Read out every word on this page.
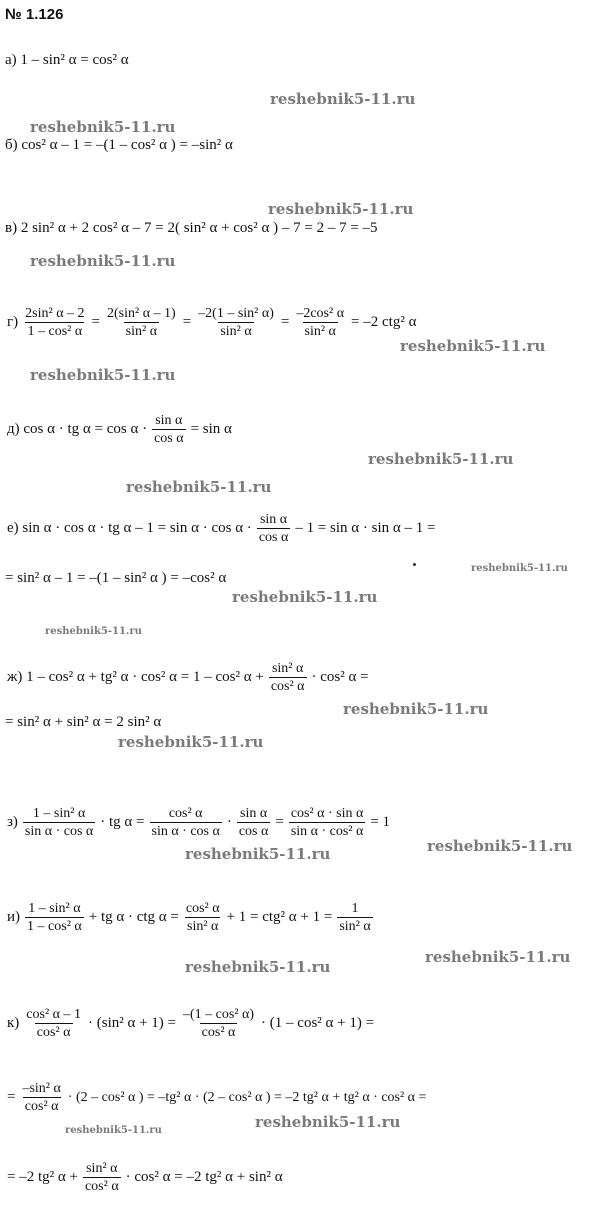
№ 1.126
а) 1 – sin² α = cos² α
б) cos² α – 1 = –(1 – cos² α ) = –sin² α
в) 2 sin² α + 2 cos² α – 7 = 2( sin² α + cos² α ) – 7 = 2 – 7 = –5
$г) \frac{\text{2sin² α – 2}}{\text{1 – cos² α}} = \frac{\text{2(sin² α – 1)}}{\text{sin² α}} = \frac{\text{–2(1 – sin² α)}}{\text{sin² α}} = \frac{\text{–2cos² α}}{\text{sin² α}} = -2$ ctg² α
д) cos α · tg $\alpha = \cos \alpha \cdot \frac{\text{sin α}}{\text{cos α}} = \sin \alpha$
е) sin α · cos α · tg $\alpha - 1 = \sin \alpha \cdot \cos \alpha \cdot \frac{\text{sin α}}{\text{cos α}} - 1 = \sin \alpha \cdot \sin \alpha - 1$ =
= sin² α – 1 = –(1 – sin² α ) = –cos² α
ж) 1 – cos² α + tg² α · cos² α = 1 – cos² $\alpha + \frac{\text{sin² α}}{\text{cos² α}} \cdot \cos^2$ α =
= sin² α + sin² α = 2 sin² α
$з) \frac{\text{1 – sin² α}}{\text{sin α · cos α}}$ · tg $\alpha = \frac{\text{cos² α}}{\text{sin α · cos α}} \cdot \frac{\text{sin α}}{\text{cos α}} = \frac{\text{cos² α · sin α}}{\text{sin α · cos² α}} = 1$
$и) \frac{\text{1 – sin² α}}{\text{1 – cos² α}}$ + tg α · ctg $\alpha = \frac{\text{cos² α}}{\text{sin² α}} + 1 = ctg^2$ $\alpha + 1 = \frac{1}{\text{sin² α}}$
$к) \frac{\text{cos² α – 1}}{\text{cos² α}} \cdot (\sin^2$ $\alpha + 1) = \frac{\text{–(1 – cos² α)}}{\text{cos² α}} \cdot (1 - \cos^2$ α + 1) =
= $\frac{\text{–sin² α}}{\text{cos² α}} \cdot (2 - \cos^2$ α ) = –tg² α · (2 – cos² α ) = –2 tg² α + tg² α · cos² α =
= –2 tg² $\alpha + \frac{\text{sin² α}}{\text{cos² α}} \cdot \cos^2$ α = –2 tg² α + sin² α
reshebnik5-11.ru
reshebnik5-11.ru
reshebnik5-11.ru
reshebnik5-11.ru
reshebnik5-11.ru
reshebnik5-11.ru
reshebnik5-11.ru
reshebnik5-11.ru
reshebnik5-11.ru
reshebnik5-11.ru
reshebnik5-11.ru
reshebnik5-11.ru
reshebnik5-11.ru
reshebnik5-11.ru
reshebnik5-11.ru
reshebnik5-11.ru
reshebnik5-11.ru
reshebnik5-11.ru	reshebnik5-11.ru
